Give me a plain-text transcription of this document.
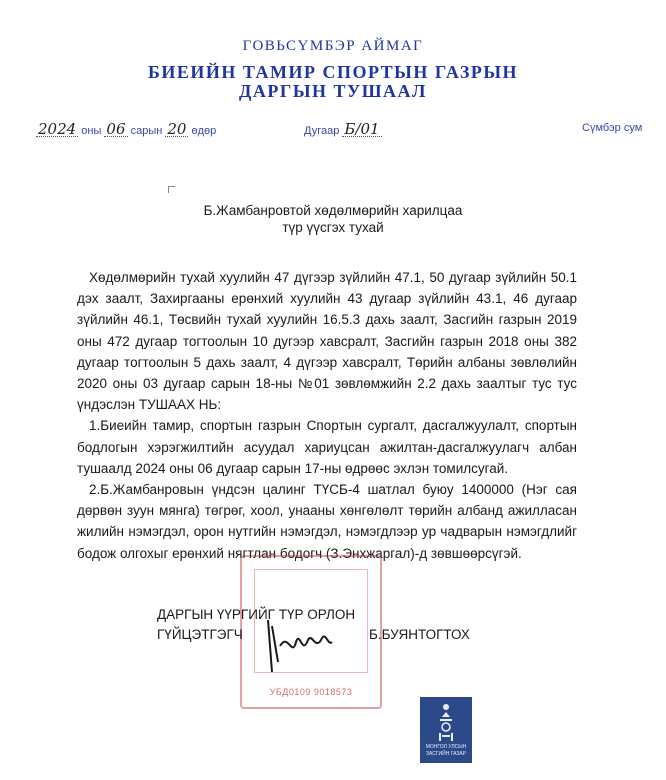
ГОВЬСҮМБЭР АЙМАГ
БИЕИЙН ТАМИР СПОРТЫН ГАЗРЫН
ДАРГЫН ТУШААЛ
2024 оны 06 сарын 20 өдөр	Дугаар Б/01	Сүмбэр сум
Б.Жамбанровтой хөдөлмөрийн харилцаа
түр үүсгэх тухай

Хөдөлмөрийн тухай хуулийн 47 дүгээр зүйлийн 47.1, 50 дугаар зүйлийн 50.1 дэх заалт, Захиргааны ерөнхий хуулийн 43 дугаар зүйлийн 43.1, 46 дугаар зүйлийн 46.1, Төсвийн тухай хуулийн 16.5.3 дахь заалт, Засгийн газрын 2019 оны 472 дугаар тогтоолын 10 дугээр хавсралт, Засгийн газрын 2018 оны 382 дугаар тогтоолын 5 дахь заалт, 4 дүгээр хавсралт, Төрийн албаны зөвлөлийн 2020 оны 03 дугаар сарын 18-ны №01 зөвлөмжийн 2.2 дахь заалтыг тус тус үндэслэн ТУШААХ НЬ:

1.Биеийн тамир, спортын газрын Спортын сургалт, дасгалжуулалт, спортын бодлогын хэрэгжилтийн асуудал хариуцсан ажилтан-дасгалжуулагч албан тушаалд 2024 оны 06 дугаар сарын 17-ны өдрөөс эхлэн томилсугай.

2.Б.Жамбанровын үндсэн цалинг ТҮСБ-4 шатлал буюу 1400000 (Нэг сая дөрвөн зуун мянга) төгрөг, хоол, унааны хөнгөлөлт төрийн албанд ажилласан жилийн нэмэгдэл, орон нутгийн нэмэгдэл, нэмэгдлээр ур чадварын нэмэгдлийг бодож олгохыг ерөнхий нягтлан бодогч (З.Энхжаргал)-д зөвшөөрсүгэй.

УБД0109 9018573
ДАРГЫН ҮҮРГИЙГ ТҮР ОРЛОН
ГҮЙЦЭТГЭГЧ	Б.БУЯНТОГТОХ
МОНГОЛ УЛСЫН
ЗАСГИЙН ГАЗАР
